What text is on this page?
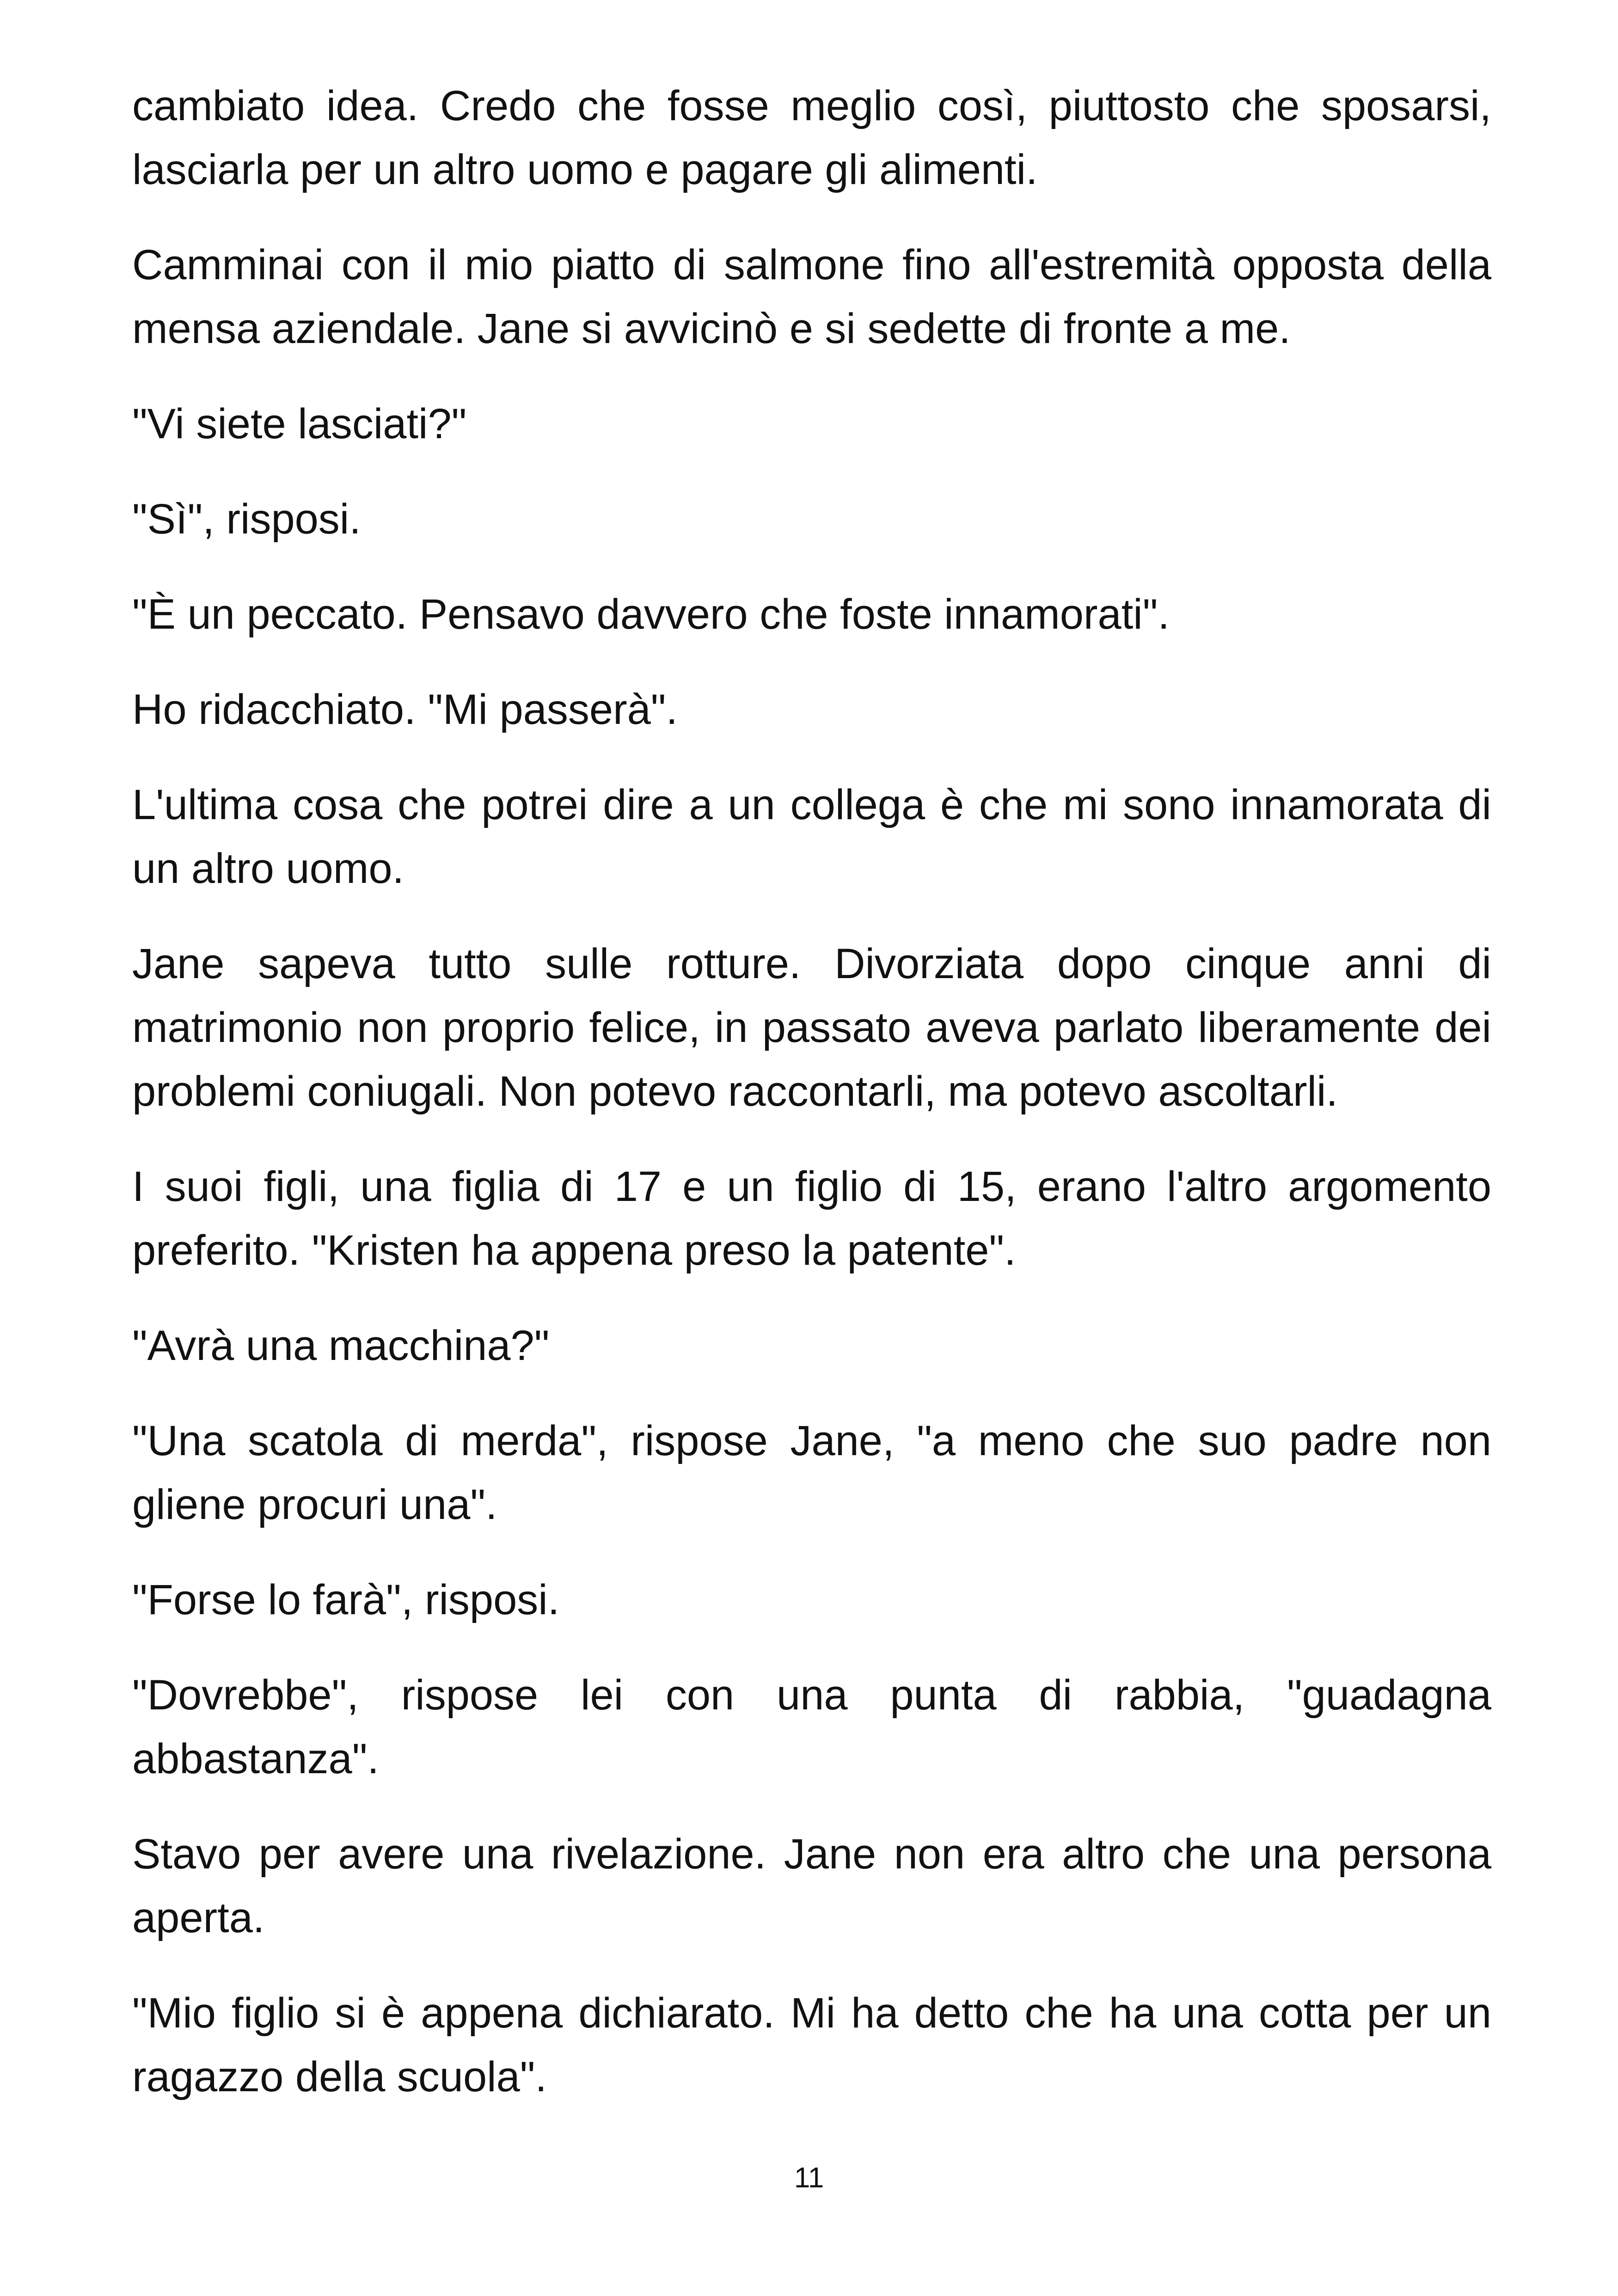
cambiato idea. Credo che fosse meglio così, piuttosto che sposarsi, lasciarla per un altro uomo e pagare gli alimenti.

Camminai con il mio piatto di salmone fino all'estremità opposta della mensa aziendale. Jane si avvicinò e si sedette di fronte a me.

"Vi siete lasciati?"

"Sì", risposi.

"È un peccato. Pensavo davvero che foste innamorati".

Ho ridacchiato. "Mi passerà".

L'ultima cosa che potrei dire a un collega è che mi sono innamorata di un altro uomo.

Jane sapeva tutto sulle rotture. Divorziata dopo cinque anni di matrimonio non proprio felice, in passato aveva parlato liberamente dei problemi coniugali. Non potevo raccontarli, ma potevo ascoltarli.

I suoi figli, una figlia di 17 e un figlio di 15, erano l'altro argomento preferito. "Kristen ha appena preso la patente".

"Avrà una macchina?"

"Una scatola di merda", rispose Jane, "a meno che suo padre non gliene procuri una".

"Forse lo farà", risposi.

"Dovrebbe", rispose lei con una punta di rabbia, "guadagna abbastanza".

Stavo per avere una rivelazione. Jane non era altro che una persona aperta.

"Mio figlio si è appena dichiarato. Mi ha detto che ha una cotta per un ragazzo della scuola".

11
